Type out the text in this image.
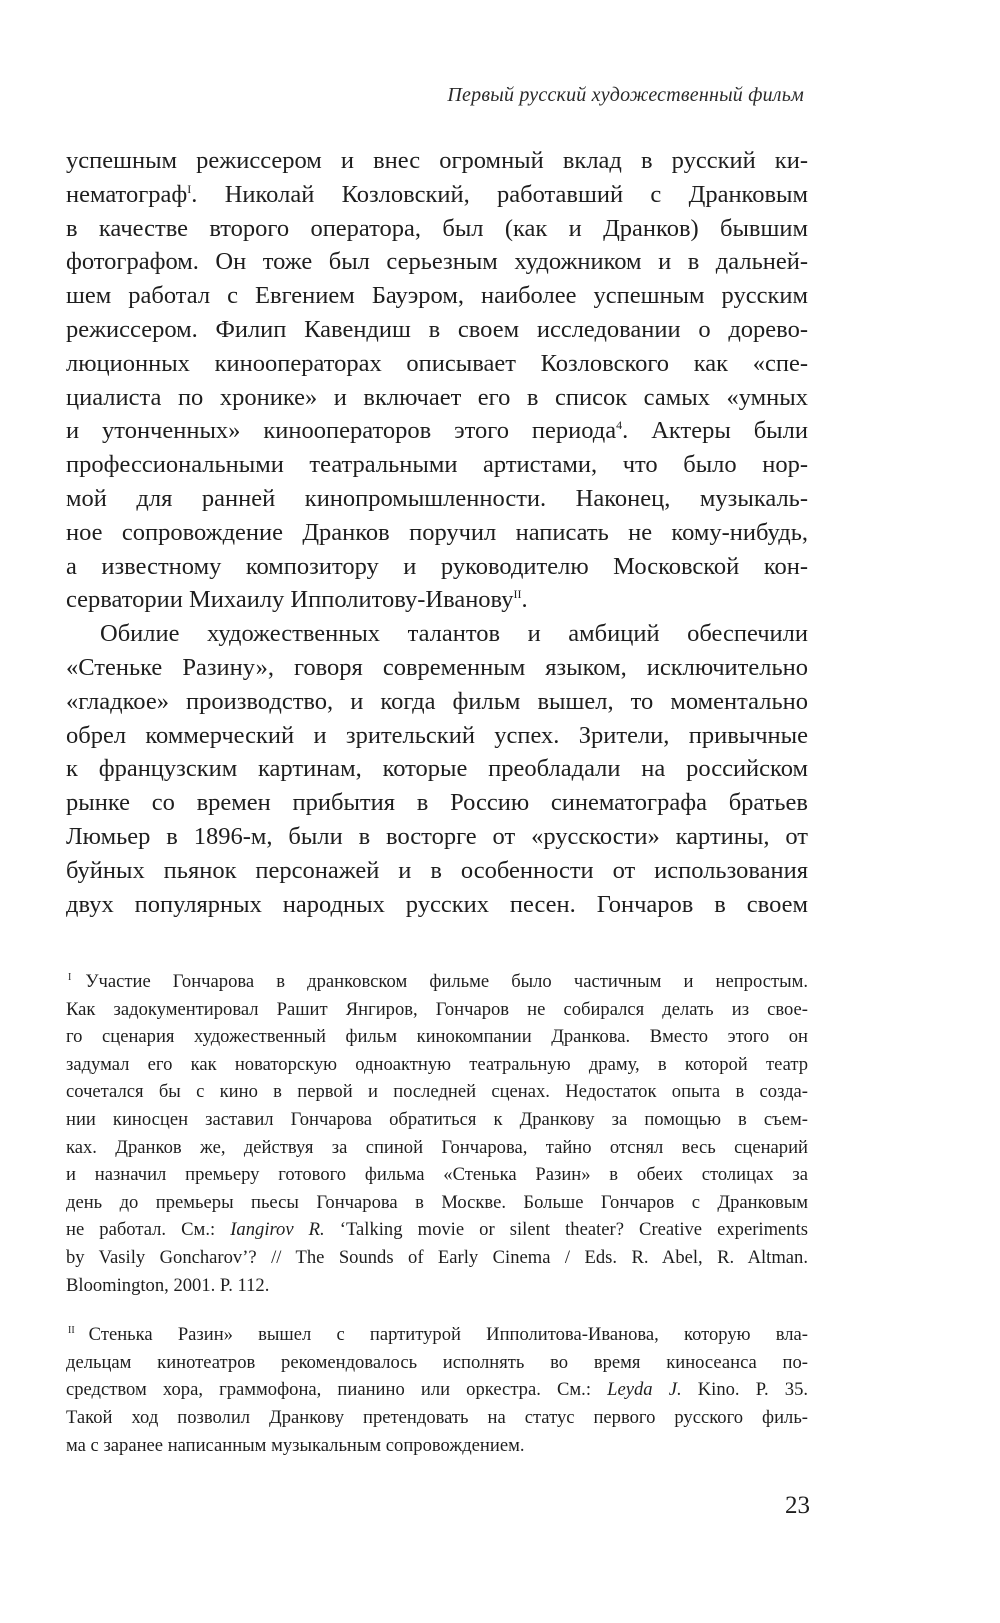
Первый русский художественный фильм

успешным режиссером и внес огромный вклад в русский ки-
нематограф$^I$. Николай Козловский, работавший с Дранковым
в качестве второго оператора, был (как и Дранков) бывшим
фотографом. Он тоже был серьезным художником и в дальней-
шем работал с Евгением Бауэром, наиболее успешным русским
режиссером. Филип Кавендиш в своем исследовании о дорево-
люционных кинооператорах описывает Козловского как «спе-
циалиста по хронике» и включает его в список самых «умных
и утонченных» кинооператоров этого периода$^4$. Актеры были
профессиональными театральными артистами, что было нор-
мой для ранней кинопромышленности. Наконец, музыкаль-
ное сопровождение Дранков поручил написать не кому-нибудь,
а известному композитору и руководителю Московской кон-
серватории Михаилу Ипполитову-Иванову$^{II}$.

Обилие художественных талантов и амбиций обеспечили
«Стеньке Разину», говоря современным языком, исключительно
«гладкое» производство, и когда фильм вышел, то моментально
обрел коммерческий и зрительский успех. Зрители, привычные
к французским картинам, которые преобладали на российском
рынке со времен прибытия в Россию синематографа братьев
Люмьер в 1896-м, были в восторге от «русскости» картины, от
буйных пьянок персонажей и в особенности от использования
двух популярных народных русских песен. Гончаров в своем

$^I$ Участие Гончарова в дранковском фильме было частичным и непростым.
Как задокументировал Рашит Янгиров, Гончаров не собирался делать из свое-
го сценария художественный фильм кинокомпании Дранкова. Вместо этого он
задумал его как новаторскую одноактную театральную драму, в которой театр
сочетался бы с кино в первой и последней сценах. Недостаток опыта в созда-
нии киносцен заставил Гончарова обратиться к Дранкову за помощью в съем-
ках. Дранков же, действуя за спиной Гончарова, тайно отснял весь сценарий
и назначил премьеру готового фильма «Стенька Разин» в обеих столицах за
день до премьеры пьесы Гончарова в Москве. Больше Гончаров с Дранковым
не работал. См.: Iangirov R. ‘Talking movie or silent theater? Creative experiments
by Vasily Goncharov’? // The Sounds of Early Cinema / Eds. R. Abel, R. Altman.
Bloomington, 2001. P. 112.
$^{II}$ Стенька Разин» вышел с партитурой Ипполитова-Иванова, которую вла-
дельцам кинотеатров рекомендовалось исполнять во время киносеанса по-
средством хора, граммофона, пианино или оркестра. См.: Leyda J. Kino. P. 35.
Такой ход позволил Дранкову претендовать на статус первого русского филь-
ма с заранее написанным музыкальным сопровождением.
23
